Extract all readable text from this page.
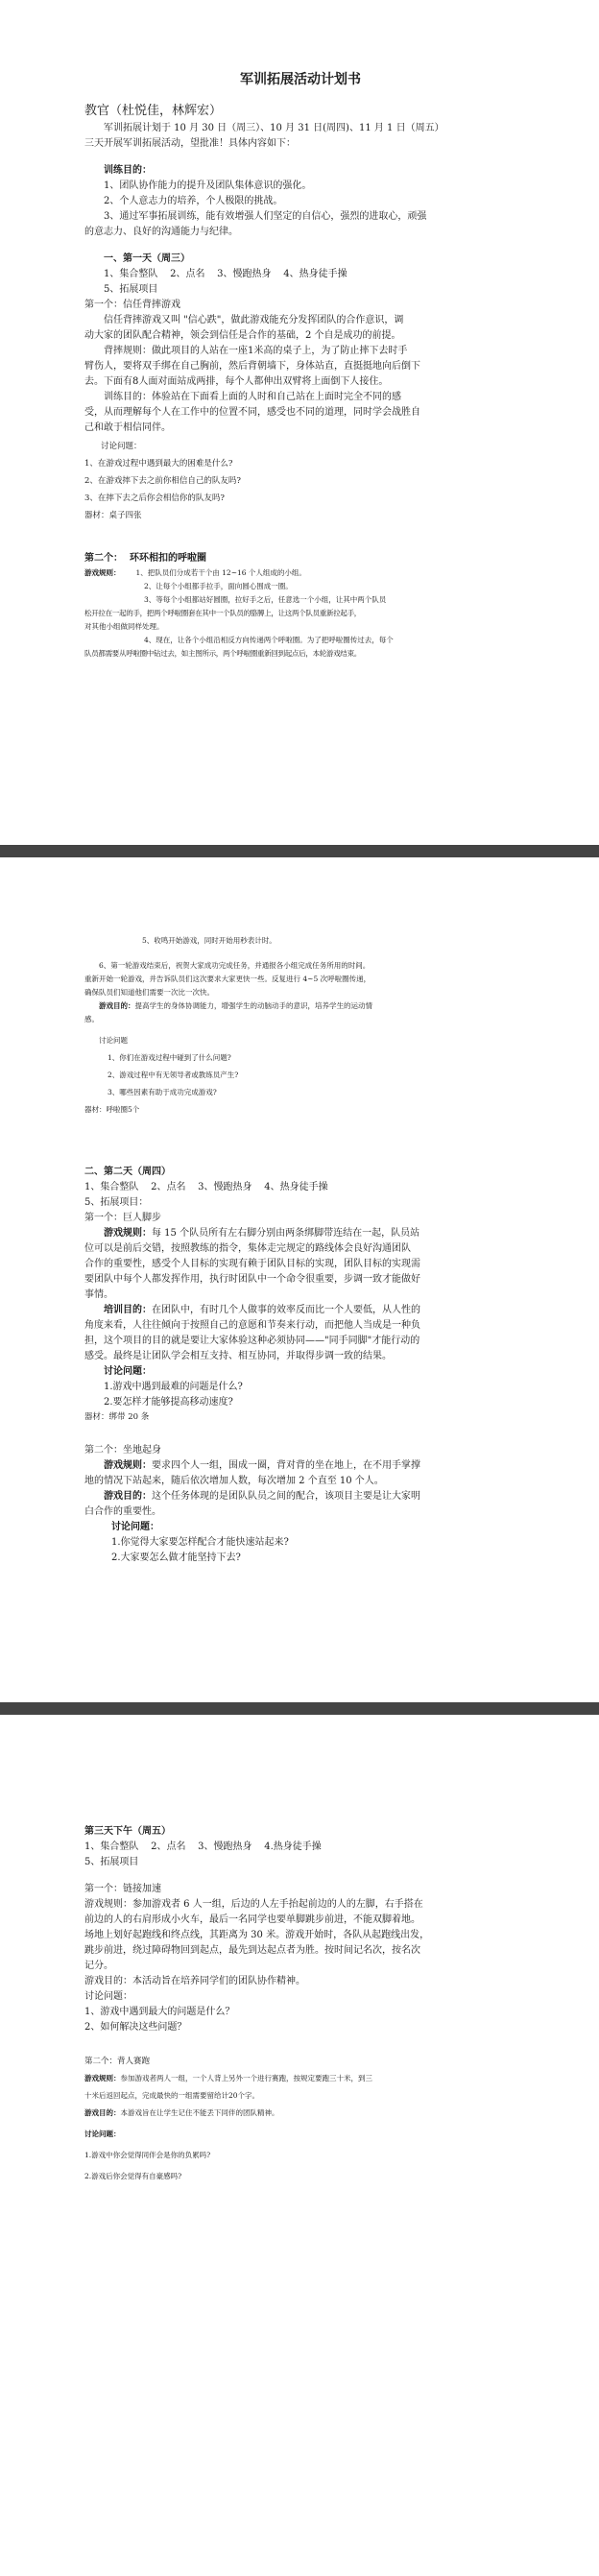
军训拓展活动计划书

教官（杜悦佳，林辉宏）

军训拓展计划于 10 月 30 日（周三）、10 月 31 日(周四)、11 月 1 日（周五）

三天开展军训拓展活动，望批准！具体内容如下：

训练目的：

1、团队协作能力的提升及团队集体意识的强化。

2、个人意志力的培养，个人极限的挑战。

3、通过军事拓展训练，能有效增强人们坚定的自信心，强烈的进取心，顽强

的意志力、良好的沟通能力与纪律。

一、第一天（周三）

1、集合整队    2、点名    3、慢跑热身    4、热身徒手操

5、拓展项目

第一个：信任背摔游戏

信任背摔游戏又叫 "信心跌"，做此游戏能充分发挥团队的合作意识，调

动大家的团队配合精神，领会到信任是合作的基础，2 个自是成功的前提。

背摔规则：做此项目的人站在一座1米高的桌子上，为了防止摔下去时手

臂伤人，要将双手绑在自己胸前，然后背朝墙下，身体站直，直挺挺地向后倒下

去。下面有8人面对面站成两排，每个人都伸出双臂将上面倒下人接住。

训练目的：体验站在下面看上面的人时和自己站在上面时完全不同的感

受，从而理解每个人在工作中的位置不同，感受也不同的道理，同时学会战胜自

己和敢于相信同伴。

讨论问题：

1、在游戏过程中遇到最大的困难是什么?

2、在游戏摔下去之前你相信自己的队友吗?

3、在摔下去之后你会相信你的队友吗?

器材：桌子四张

第二个：  环环相扣的呼啦圈

游戏规则： 1、把队员们分成若干个由 12~16 个人组成的小组。

2、让每个小组都手拉手，面向圆心围成一圈。

3、等每个小组都站好圆圈，拉好手之后，任意选一个小组，让其中两个队员

松开拉在一起的手，把两个呼啦圈套在其中一个队员的胳膊上，让这两个队员重新拉起手，

对其他小组做同样处理。

4、现在，让各个小组沿相反方向传递两个呼啦圈。为了把呼啦圈传过去，每个

队员都需要从呼啦圈中钻过去，如主图所示，两个呼啦圈重新回到起点后，本轮游戏结束。

5、收鸣开始游戏，同时开始用秒表计时。

6、第一轮游戏结束后，祝贺大家成功完成任务，并通报各小组完成任务所用的时间。

重新开始一轮游戏，并告诉队员们这次要求大家更快一些。反复进行 4~5 次呼啦圈传递，

确保队员们知道他们需要一次比一次快。

游戏目的：提高学生的身体协调能力，增强学生的动脑动手的意识，培养学生的运动情

感。

讨论问题

1、你们在游戏过程中碰到了什么问题?

2、游戏过程中有无领导者或教练员产生?

3、哪些因素有助于成功完成游戏?

器材：呼啦圈5个

二、第二天（周四）

1、集合整队    2、点名    3、慢跑热身    4、热身徒手操

5、拓展项目：

第一个：巨人脚步

游戏规则：每 15 个队员所有左右脚分别由两条绑脚带连结在一起，队员站

位可以是前后交错，按照教练的指令，集体走完规定的路线体会良好沟通团队

合作的重要性，感受个人目标的实现有赖于团队目标的实现，团队目标的实现需

要团队中每个人都发挥作用，执行时团队中一个命令很重要，步调一致才能做好

事情。

培训目的：在团队中，有时几个人做事的效率反而比一个人要低，从人性的

角度来看，人往往倾向于按照自己的意愿和节奏来行动，而把他人当成是一种负

担，这个项目的目的就是要让大家体验这种必须协同——"同手同脚"才能行动的

感受。最终是让团队学会相互支持、相互协同，并取得步调一致的结果。

讨论问题：

1.游戏中遇到最难的问题是什么?

2.要怎样才能够提高移动速度?

器材：绑带 20 条

第二个：坐地起身

游戏规则：要求四个人一组，围成一圈，背对背的坐在地上，在不用手掌撑

地的情况下站起来，随后依次增加人数，每次增加 2 个直至 10 个人。

游戏目的：这个任务体现的是团队队员之间的配合，该项目主要是让大家明

白合作的重要性。

讨论问题：

1.你觉得大家要怎样配合才能快速站起来?

2.大家要怎么做才能坚持下去?

第三天下午（周五）

1、集合整队    2、点名    3、慢跑热身    4.热身徒手操

5、拓展项目

第一个：链接加速

游戏规则：参加游戏者 6 人一组，后边的人左手抬起前边的人的左脚，右手搭在

前边的人的右肩形成小火车，最后一名同学也要单脚跳步前进，不能双脚着地。

场地上划好起跑线和终点线，其距离为 30 米。游戏开始时，各队从起跑线出发，

跳步前进，绕过障碍物回到起点，最先到达起点者为胜。按时间记名次，按名次

记分。

游戏目的：本活动旨在培养同学们的团队协作精神。

讨论问题：

1、游戏中遇到最大的问题是什么？

2、如何解决这些问题？

第二个：背人赛跑

游戏规则：参加游戏者两人一组，一个人背上另外一个进行赛跑，按规定要跑三十米，到三

十米后返回起点，完成最快的一组需要留给计20个字。

游戏目的：本游戏旨在让学生记住不能丢下同伴的团队精神。

讨论问题：

1.游戏中你会觉得同伴会是你的负累吗?

2.游戏后你会觉得有自豪感吗?
